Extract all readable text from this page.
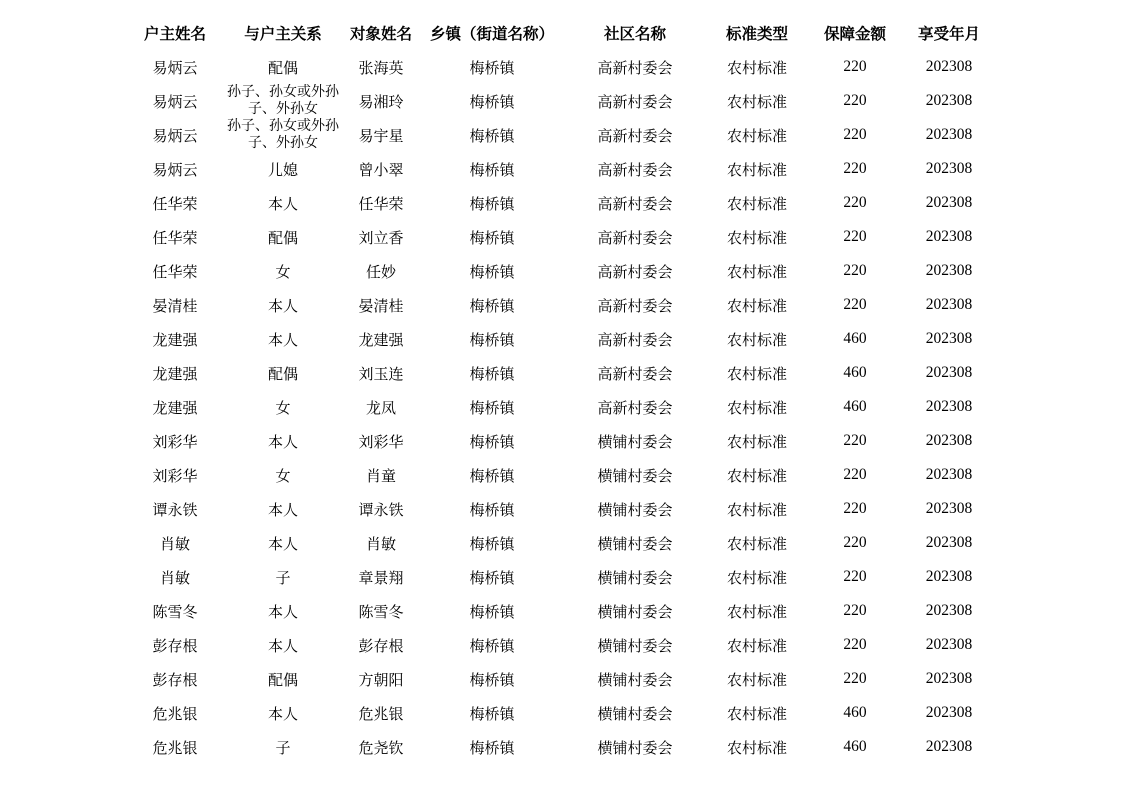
户主姓名	与户主关系	对象姓名	乡镇（街道名称）	社区名称	标准类型	保障金额	享受年月
易炳云	配偶	张海英	梅桥镇	高新村委会	农村标准	220	202308
易炳云	孙子、孙女或外孙子、外孙女	易湘玲	梅桥镇	高新村委会	农村标准	220	202308
易炳云	孙子、孙女或外孙子、外孙女	易宇星	梅桥镇	高新村委会	农村标准	220	202308
易炳云	儿媳	曾小翠	梅桥镇	高新村委会	农村标准	220	202308
任华荣	本人	任华荣	梅桥镇	高新村委会	农村标准	220	202308
任华荣	配偶	刘立香	梅桥镇	高新村委会	农村标准	220	202308
任华荣	女	任妙	梅桥镇	高新村委会	农村标准	220	202308
晏清桂	本人	晏清桂	梅桥镇	高新村委会	农村标准	220	202308
龙建强	本人	龙建强	梅桥镇	高新村委会	农村标准	460	202308
龙建强	配偶	刘玉连	梅桥镇	高新村委会	农村标准	460	202308
龙建强	女	龙凤	梅桥镇	高新村委会	农村标准	460	202308
刘彩华	本人	刘彩华	梅桥镇	横铺村委会	农村标准	220	202308
刘彩华	女	肖童	梅桥镇	横铺村委会	农村标准	220	202308
谭永铁	本人	谭永铁	梅桥镇	横铺村委会	农村标准	220	202308
肖敏	本人	肖敏	梅桥镇	横铺村委会	农村标准	220	202308
肖敏	子	章景翔	梅桥镇	横铺村委会	农村标准	220	202308
陈雪冬	本人	陈雪冬	梅桥镇	横铺村委会	农村标准	220	202308
彭存根	本人	彭存根	梅桥镇	横铺村委会	农村标准	220	202308
彭存根	配偶	方朝阳	梅桥镇	横铺村委会	农村标准	220	202308
危兆银	本人	危兆银	梅桥镇	横铺村委会	农村标准	460	202308
危兆银	子	危尧钦	梅桥镇	横铺村委会	农村标准	460	202308
